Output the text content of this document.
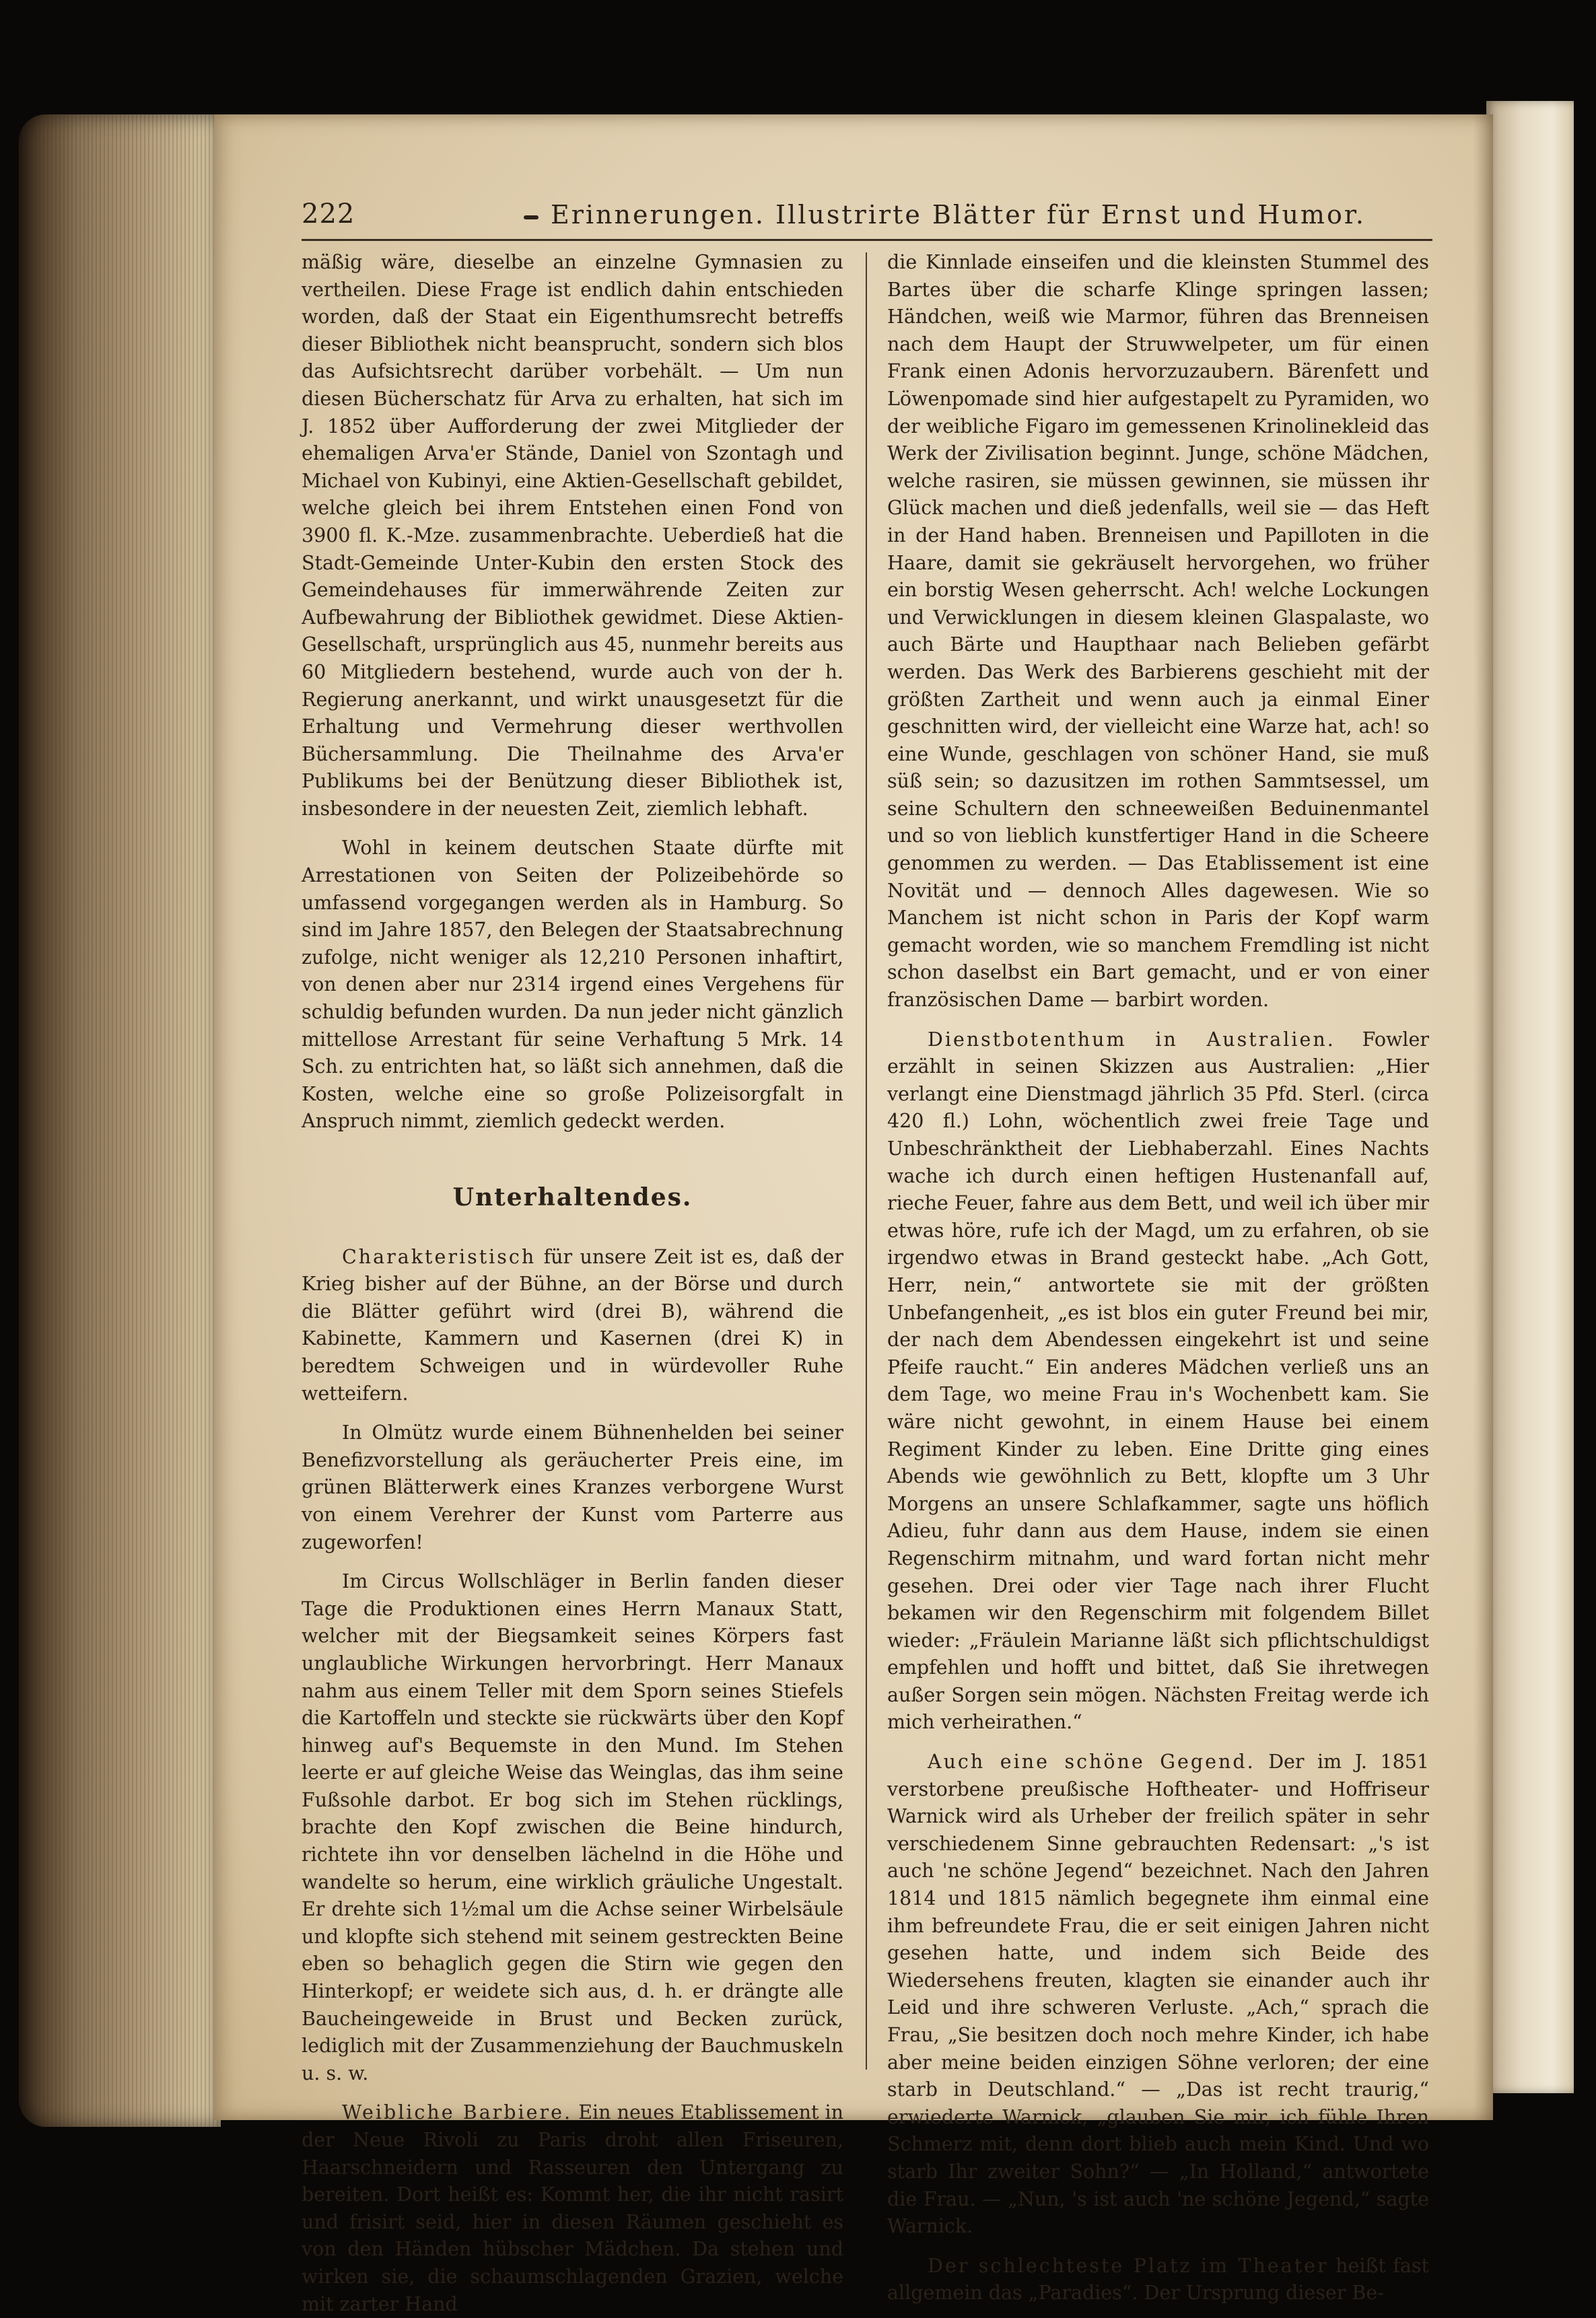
222	Erinnerungen. Illustrirte Blätter für Ernst und Humor.

mäßig wäre, dieselbe an einzelne Gymnasien zu vertheilen. Diese Frage ist endlich dahin entschieden worden, daß der Staat ein Eigenthumsrecht betreffs dieser Bibliothek nicht beansprucht, sondern sich blos das Aufsichtsrecht darüber vorbehält. — Um nun diesen Bücherschatz für Arva zu erhalten, hat sich im J. 1852 über Aufforderung der zwei Mitglieder der ehemaligen Arva'er Stände, Daniel von Szontagh und Michael von Kubinyi, eine Aktien-Gesellschaft gebildet, welche gleich bei ihrem Entstehen einen Fond von 3900 fl. K.-Mze. zusammenbrachte. Ueberdieß hat die Stadt-Gemeinde Unter-Kubin den ersten Stock des Gemeindehauses für immerwährende Zeiten zur Aufbewahrung der Bibliothek gewidmet. Diese Aktien-Gesellschaft, ursprünglich aus 45, nunmehr bereits aus 60 Mitgliedern bestehend, wurde auch von der h. Regierung anerkannt, und wirkt unausgesetzt für die Erhaltung und Vermehrung dieser werthvollen Büchersammlung. Die Theilnahme des Arva'er Publikums bei der Benützung dieser Bibliothek ist, insbesondere in der neuesten Zeit, ziemlich lebhaft.

Wohl in keinem deutschen Staate dürfte mit Arrestationen von Seiten der Polizeibehörde so umfassend vorgegangen werden als in Hamburg. So sind im Jahre 1857, den Belegen der Staatsabrechnung zufolge, nicht weniger als 12,210 Personen inhaftirt, von denen aber nur 2314 irgend eines Vergehens für schuldig befunden wurden. Da nun jeder nicht gänzlich mittellose Arrestant für seine Verhaftung 5 Mrk. 14 Sch. zu entrichten hat, so läßt sich annehmen, daß die Kosten, welche eine so große Polizeisorgfalt in Anspruch nimmt, ziemlich gedeckt werden.

Unterhaltendes.

Charakteristisch für unsere Zeit ist es, daß der Krieg bisher auf der Bühne, an der Börse und durch die Blätter geführt wird (drei B), während die Kabinette, Kammern und Kasernen (drei K) in beredtem Schweigen und in würdevoller Ruhe wetteifern.

In Olmütz wurde einem Bühnenhelden bei seiner Benefizvorstellung als geräucherter Preis eine, im grünen Blätterwerk eines Kranzes verborgene Wurst von einem Verehrer der Kunst vom Parterre aus zugeworfen!

Im Circus Wollschläger in Berlin fanden dieser Tage die Produktionen eines Herrn Manaux Statt, welcher mit der Biegsamkeit seines Körpers fast unglaubliche Wirkungen hervorbringt. Herr Manaux nahm aus einem Teller mit dem Sporn seines Stiefels die Kartoffeln und steckte sie rückwärts über den Kopf hinweg auf's Bequemste in den Mund. Im Stehen leerte er auf gleiche Weise das Weinglas, das ihm seine Fußsohle darbot. Er bog sich im Stehen rücklings, brachte den Kopf zwischen die Beine hindurch, richtete ihn vor denselben lächelnd in die Höhe und wandelte so herum, eine wirklich gräuliche Ungestalt. Er drehte sich 1½mal um die Achse seiner Wirbelsäule und klopfte sich stehend mit seinem gestreckten Beine eben so behaglich gegen die Stirn wie gegen den Hinterkopf; er weidete sich aus, d. h. er drängte alle Baucheingeweide in Brust und Becken zurück, lediglich mit der Zusammenziehung der Bauchmuskeln u. s. w.

Weibliche Barbiere. Ein neues Etablissement in der Neue Rivoli zu Paris droht allen Friseuren, Haarschneidern und Rasseuren den Untergang zu bereiten. Dort heißt es: Kommt her, die ihr nicht rasirt und frisirt seid, hier in diesen Räumen geschieht es von den Händen hübscher Mädchen. Da stehen und wirken sie, die schaumschlagenden Grazien, welche mit zarter Hand

die Kinnlade einseifen und die kleinsten Stummel des Bartes über die scharfe Klinge springen lassen; Händchen, weiß wie Marmor, führen das Brenneisen nach dem Haupt der Struwwelpeter, um für einen Frank einen Adonis hervorzuzaubern. Bärenfett und Löwenpomade sind hier aufgestapelt zu Pyramiden, wo der weibliche Figaro im gemessenen Krinolinekleid das Werk der Zivilisation beginnt. Junge, schöne Mädchen, welche rasiren, sie müssen gewinnen, sie müssen ihr Glück machen und dieß jedenfalls, weil sie — das Heft in der Hand haben. Brenneisen und Papilloten in die Haare, damit sie gekräuselt hervorgehen, wo früher ein borstig Wesen geherrscht. Ach! welche Lockungen und Verwicklungen in diesem kleinen Glaspalaste, wo auch Bärte und Haupthaar nach Belieben gefärbt werden. Das Werk des Barbierens geschieht mit der größten Zartheit und wenn auch ja einmal Einer geschnitten wird, der vielleicht eine Warze hat, ach! so eine Wunde, geschlagen von schöner Hand, sie muß süß sein; so dazusitzen im rothen Sammtsessel, um seine Schultern den schneeweißen Beduinenmantel und so von lieblich kunstfertiger Hand in die Scheere genommen zu werden. — Das Etablissement ist eine Novität und — dennoch Alles dagewesen. Wie so Manchem ist nicht schon in Paris der Kopf warm gemacht worden, wie so manchem Fremdling ist nicht schon daselbst ein Bart gemacht, und er von einer französischen Dame — barbirt worden.

Dienstbotenthum in Australien. Fowler erzählt in seinen Skizzen aus Australien: „Hier verlangt eine Dienstmagd jährlich 35 Pfd. Sterl. (circa 420 fl.) Lohn, wöchentlich zwei freie Tage und Unbeschränktheit der Liebhaberzahl. Eines Nachts wache ich durch einen heftigen Hustenanfall auf, rieche Feuer, fahre aus dem Bett, und weil ich über mir etwas höre, rufe ich der Magd, um zu erfahren, ob sie irgendwo etwas in Brand gesteckt habe. „Ach Gott, Herr, nein,“ antwortete sie mit der größten Unbefangenheit, „es ist blos ein guter Freund bei mir, der nach dem Abendessen eingekehrt ist und seine Pfeife raucht.“ Ein anderes Mädchen verließ uns an dem Tage, wo meine Frau in's Wochenbett kam. Sie wäre nicht gewohnt, in einem Hause bei einem Regiment Kinder zu leben. Eine Dritte ging eines Abends wie gewöhnlich zu Bett, klopfte um 3 Uhr Morgens an unsere Schlafkammer, sagte uns höflich Adieu, fuhr dann aus dem Hause, indem sie einen Regenschirm mitnahm, und ward fortan nicht mehr gesehen. Drei oder vier Tage nach ihrer Flucht bekamen wir den Regenschirm mit folgendem Billet wieder: „Fräulein Marianne läßt sich pflichtschuldigst empfehlen und hofft und bittet, daß Sie ihretwegen außer Sorgen sein mögen. Nächsten Freitag werde ich mich verheirathen.“

Auch eine schöne Gegend. Der im J. 1851 verstorbene preußische Hoftheater- und Hoffriseur Warnick wird als Urheber der freilich später in sehr verschiedenem Sinne gebrauchten Redensart: „'s ist auch 'ne schöne Jegend“ bezeichnet. Nach den Jahren 1814 und 1815 nämlich begegnete ihm einmal eine ihm befreundete Frau, die er seit einigen Jahren nicht gesehen hatte, und indem sich Beide des Wiedersehens freuten, klagten sie einander auch ihr Leid und ihre schweren Verluste. „Ach,“ sprach die Frau, „Sie besitzen doch noch mehre Kinder, ich habe aber meine beiden einzigen Söhne verloren; der eine starb in Deutschland.“ — „Das ist recht traurig,“ erwiederte Warnick, „glauben Sie mir, ich fühle Ihren Schmerz mit, denn dort blieb auch mein Kind. Und wo starb Ihr zweiter Sohn?“ — „In Holland,“ antwortete die Frau. — „Nun, 's ist auch 'ne schöne Jegend,“ sagte Warnick.

Der schlechteste Platz im Theater heißt fast allgemein das „Paradies“. Der Ursprung dieser Be-
